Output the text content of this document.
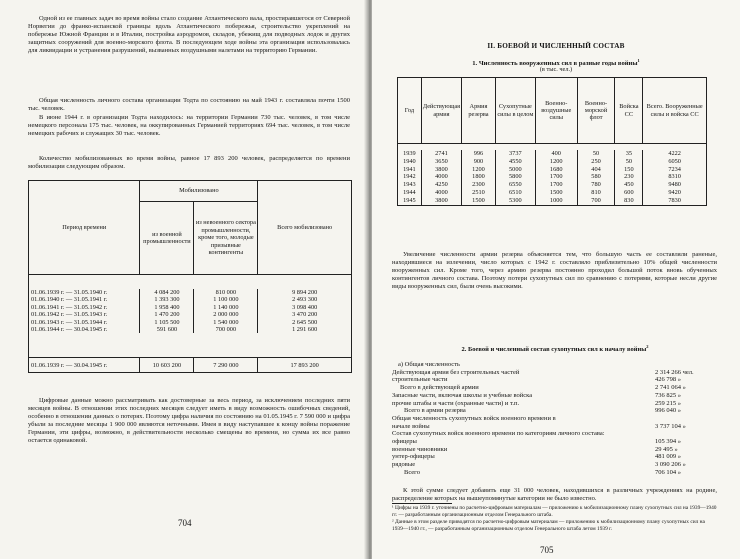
Одной из ее главных задач во время войны стало создание Атлантического вала, простиравшегося от Северной Норвегии до франко-испанской границы вдоль Атлантического побережья, строительство укреплений на побережье Южной Франции и в Италии, постройка аэродромов, складов, убежищ для подводных лодок и других защитных сооружений для военно-морского флота. В последующем ходе войны эта организация использовалась для ликвидации и устранения разрушений, вызванных воздушными налетами на территорию Германии.
Общая численность личного состава организации Тодта по состоянию на май 1943 г. составляла почти 1500 тыс. человек.
В июне 1944 г. в организации Тодта находилось: на территории Германии 730 тыс. человек, в том числе немецкого персонала 175 тыс. человек, на оккупированных Германией территориях 694 тыс. человек, в том числе немецких рабочих и служащих 30 тыс. человек.
Количество мобилизованных во время войны, равное 17 893 200 человек, распределяется по времени мобилизации следующим образом.
Период времени	Мобилизовано		Всего мобилизовано
	из военной промышленности	из невоенного сектора промышленности, кроме того, молодые призывные контингенты	

01.06.1939 г. — 31.05.1940 г.	4 084 200	810 000	9 894 200
01.06.1940 г. — 31.05.1941 г.	1 393 300	1 100 000	2 493 300
01.06.1941 г. — 31.05.1942 г.	1 958 400	1 140 000	3 098 400
01.06.1942 г. — 31.05.1943 г.	1 470 200	2 000 000	3 470 200
01.06.1943 г. — 31.05.1944 г.	1 105 500	1 540 000	2 645 500
01.06.1944 г. — 30.04.1945 г.	591 600	700 000	1 291 600

01.06.1939 г. — 30.04.1945 г.	10 603 200	7 290 000	17 893 200
Цифровые данные можно рассматривать как достоверные за весь период, за исключением последних пяти месяцев войны. В отношении этих последних месяцев следует иметь в виду возможность ошибочных сведений, особенно в отношении данных о потерях. Поэтому цифра наличия по состоянию на 01.05.1945 г. 7 590 000 и цифра убыли за последние месяцы 1 900 000 являются неточными. Имея в виду наступавшее к концу войны поражение Германии, эти цифры, возможно, в действительности несколько смещены во времени, но сумма их все равно остается одинаковой.
704
II. БОЕВОЙ И ЧИСЛЕННЫЙ СОСТАВ
1. Численность вооруженных сил в разные годы войны$^1$
(в тыс. чел.)
Год	Действующая армия	Армия резерва	Сухопутные силы в целом	Военно-воздушные силы	Военно-морской флот	Войска СС	Всего. Вооруженные силы и войска СС

1939	2741	996	3737	400	50	35	4222
1940	3650	900	4550	1200	250	50	6050
1941	3800	1200	5000	1680	404	150	7234
1942	4000	1800	5800	1700	580	230	8310
1943	4250	2300	6550	1700	780	450	9480
1944	4000	2510	6510	1500	810	600	9420
1945	3800	1500	5300	1000	700	830	7830
Увеличение численности армии резерва объясняется тем, что большую часть ее составляли раненые, находившиеся на излечении, число которых с 1942 г. составляло приблизительно 10% общей численности вооруженных сил. Кроме того, через армию резерва постоянно проходил большой поток вновь обученных контингентов личного состава. Поэтому потери сухопутных сил по сравнению с потерями, которые несли другие виды вооруженных сил, были очень высокими.
2. Боевой и численный состав сухопутных сил к началу войны$^2$
а) Общая численность
Действующая армия без строительных частей	2 314 266 чел.
строительные части	426 798 »
Всего в действующей армии	2 741 064 »
Запасные части, включая школы и учебные войска	736 825 »
прочие штабы и части (охранные части) и т.п.	259 215 »
Всего в армии резерва	996 040 »
Общая численность сухопутных войск военного времени в
начале войны	3 737 104 »
Состав сухопутных войск военного времени по категориям личного состава:
офицеры	105 394 »
военные чиновники	29 495 »
унтер-офицеры	481 009 »
рядовые	3 090 206 »
Всего	706 104 »
К этой сумме следует добавить еще 31 000 человек, находившихся в различных учреждениях на родине, распределение которых на вышеупомянутые категории не было известно.
¹ Цифры на 1939 г. уточнены по расчетно-цифровым материалам — приложению к мобилизационному плану сухопутных сил на 1939—1940 гг. — разработанным организационным отделом Генерального штаба.
² Данные в этом разделе приводятся по расчетно-цифровым материалам — приложению к мобилизационному плану сухопутных сил на 1939—1940 гг., — разработанным организационным отделом Генерального штаба летом 1939 г.
705
